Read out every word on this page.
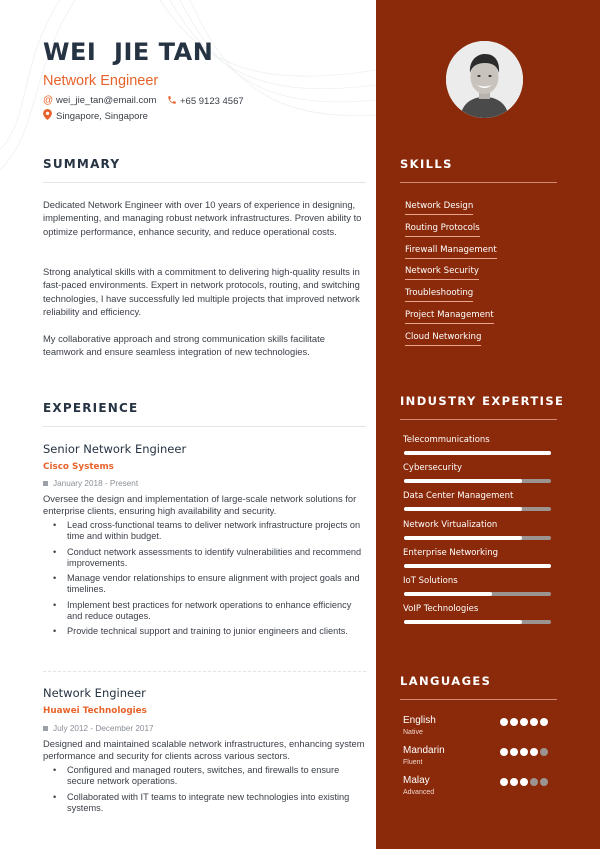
WEI  JIE TAN
Network Engineer
@ wei_jie_tan@email.com +65 9123 4567
Singapore, Singapore
SUMMARY

Dedicated Network Engineer with over 10 years of experience in designing, implementing, and managing robust network infrastructures. Proven ability to optimize performance, enhance security, and reduce operational costs.

Strong analytical skills with a commitment to delivering high-quality results in fast-paced environments. Expert in network protocols, routing, and switching technologies, I have successfully led multiple projects that improved network reliability and efficiency.

My collaborative approach and strong communication skills facilitate teamwork and ensure seamless integration of new technologies.

EXPERIENCE
Senior Network Engineer
Cisco Systems
January 2018 - Present
Oversee the design and implementation of large-scale network solutions for enterprise clients, ensuring high availability and security.
• Lead cross-functional teams to deliver network infrastructure projects on time and within budget.
• Conduct network assessments to identify vulnerabilities and recommend improvements.
• Manage vendor relationships to ensure alignment with project goals and timelines.
• Implement best practices for network operations to enhance efficiency and reduce outages.
• Provide technical support and training to junior engineers and clients.
Network Engineer
Huawei Technologies
July 2012 - December 2017
Designed and maintained scalable network infrastructures, enhancing system performance and security for clients across various sectors.
• Configured and managed routers, switches, and firewalls to ensure secure network operations.
• Collaborated with IT teams to integrate new technologies into existing systems.
SKILLS
Network Design
Routing Protocols
Firewall Management
Network Security
Troubleshooting
Project Management
Cloud Networking
INDUSTRY EXPERTISE
Telecommunications
Cybersecurity
Data Center Management
Network Virtualization
Enterprise Networking
IoT Solutions
VoIP Technologies
LANGUAGES
English
Native
Mandarin
Fluent
Malay
Advanced
